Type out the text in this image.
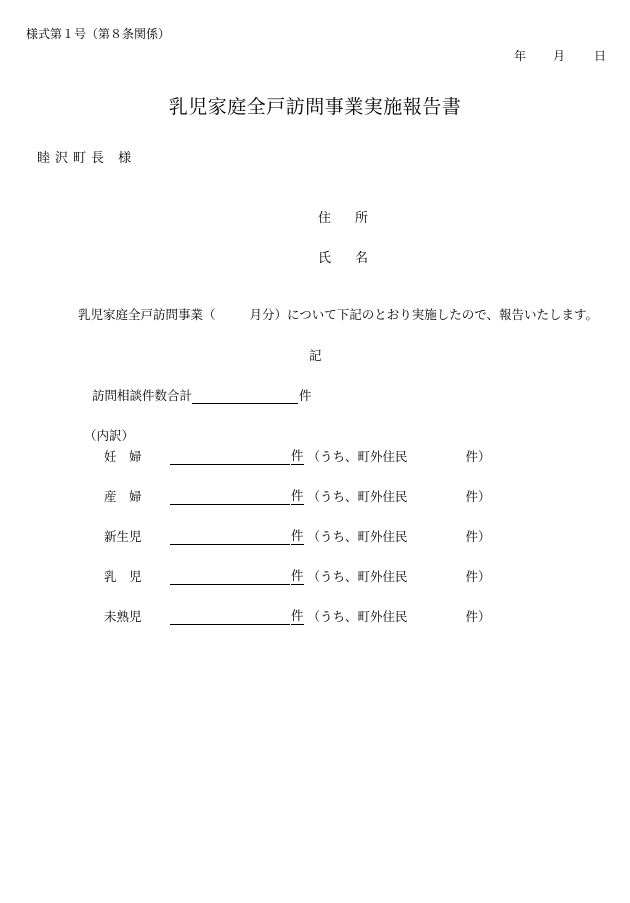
様式第１号（第８条関係）
年 月 日
乳児家庭全戸訪問事業実施報告書
睦沢町長 様
住所
氏名
乳児家庭全戸訪問事業（	月分）について下記のとおり実施したので、報告いたします。
記
訪問相談件数合計	件
（内訳）
妊　婦	件 （うち、町外住民	件）
産　婦	件 （うち、町外住民	件）
新生児	件 （うち、町外住民	件）
乳　児	件 （うち、町外住民	件）
未熟児	件 （うち、町外住民	件）
